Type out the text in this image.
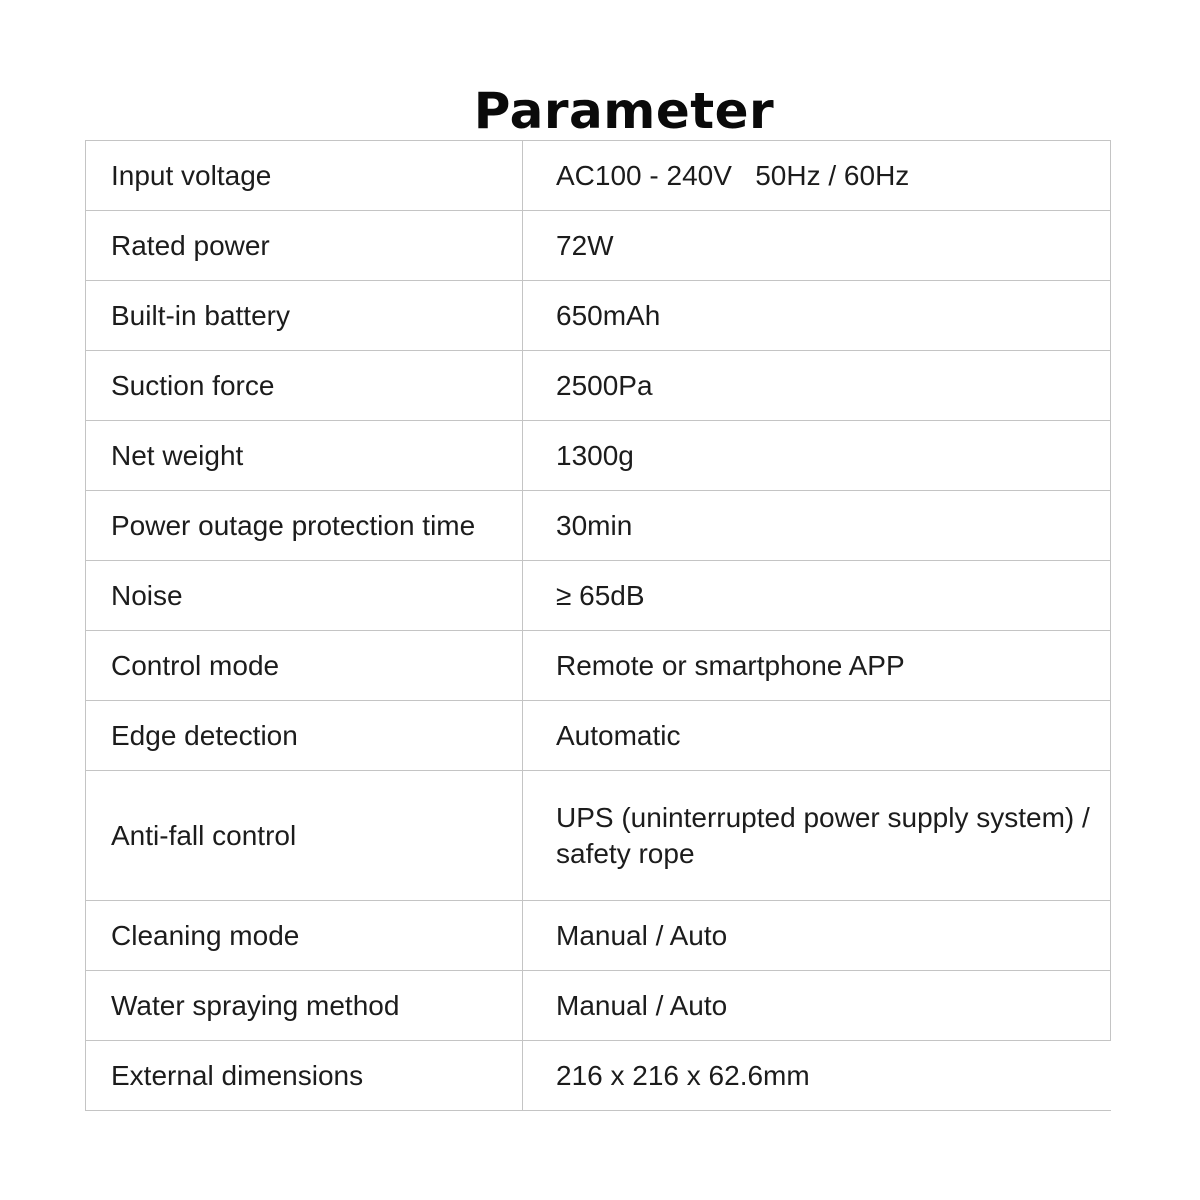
Parameter
Input voltage	AC100 - 240V   50Hz / 60Hz
Rated power	72W
Built-in battery	650mAh
Suction force	2500Pa
Net weight	1300g
Power outage protection time	30min
Noise	≥ 65dB
Control mode	Remote or smartphone APP
Edge detection	Automatic
Anti-fall control	UPS (uninterrupted power supply system) / safety rope
Cleaning mode	Manual / Auto
Water spraying method	Manual / Auto
External dimensions	216 x 216 x 62.6mm
